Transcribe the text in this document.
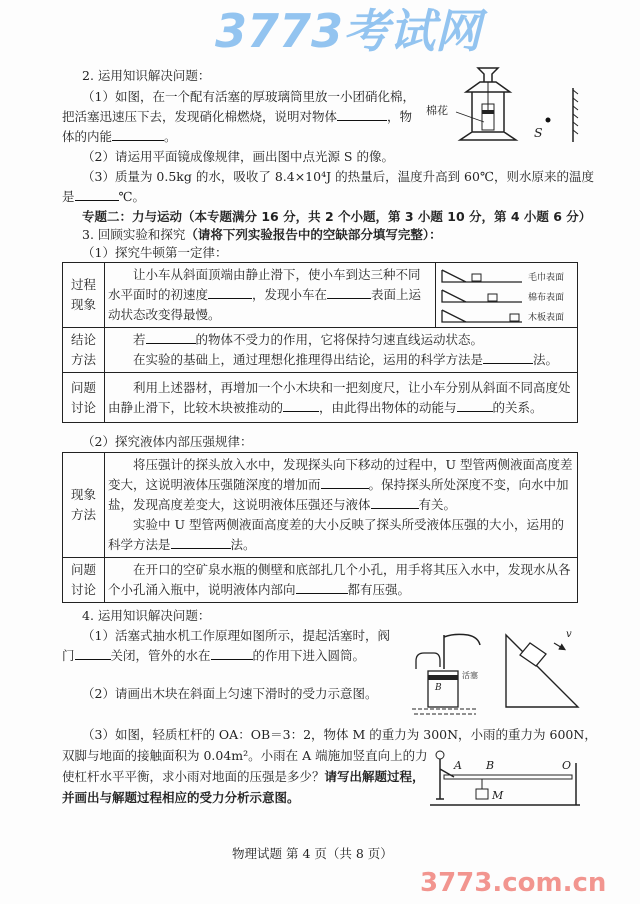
3773考试网
3773.com.cn
2. 运用知识解决问题：
（1）如图，在一个配有活塞的厚玻璃筒里放一小团硝化棉，
把活塞迅速压下去，发现硝化棉燃烧，说明对物体	，物
体的内能	。
（2）请运用平面镜成像规律，画出图中点光源 S 的像。
（3）质量为 0.5kg 的水，吸收了 8.4×10⁴J 的热量后，温度升高到 60℃，则水原来的温度
是	℃。
棉花
S
专题二：力与运动（本专题满分 16 分，共 2 个小题，第 3 小题 10 分，第 4 小题 6 分）
3. 回顾实验和探究（请将下列实验报告中的空缺部分填写完整）：
（1）探究牛顿第一定律：
过程现象	让小车从斜面顶端由静止滑下，使小车到达三种不同水平面时的初速度 ，发现小车在 表面上运动状态改变得最慢。	毛巾表面
棉布表面
木板表面

结论方法	若 的物体不受力的作用，它将保持匀速直线运动状态。
在实验的基础上，通过理想化推理得出结论，运用的科学方法是 法。	

问题讨论	利用上述器材，再增加一个小木块和一把刻度尺，让小车分别从斜面不同高度处由静止滑下，比较木块被推动的 ，由此得出物体的动能与 的关系。	
（2）探究液体内部压强规律：
现象方法	将压强计的探头放入水中，发现探头向下移动的过程中，U 型管两侧液面高度差变大，这说明液体压强随深度的增加而 。保持探头所处深度不变，向水中加盐，发现高度差变大，这说明液体压强还与液体 有关。
实验中 U 型管两侧液面高度差的大小反映了探头所受液体压强的大小，运用的科学方法是 法。

问题讨论	在开口的空矿泉水瓶的侧壁和底部扎几个小孔，用手将其压入水中，发现水从各个小孔涌入瓶中，说明液体内部向 都有压强。
4. 运用知识解决问题：
（1）活塞式抽水机工作原理如图所示，提起活塞时，阀
门	关闭，管外的水在	的作用下进入圆筒。
（2）请画出木块在斜面上匀速下滑时的受力示意图。
活塞
B
v
（3）如图，轻质杠杆的 OA：OB＝3：2，物体 M 的重力为 300N，小雨的重力为 600N，
双脚与地面的接触面积为 0.04m²。小雨在 A 端施加竖直向上的力
使杠杆水平平衡，求小雨对地面的压强是多少？请写出解题过程，
并画出与解题过程相应的受力分析示意图。
A B	O
M
物理试题 第 4 页（共 8 页）
